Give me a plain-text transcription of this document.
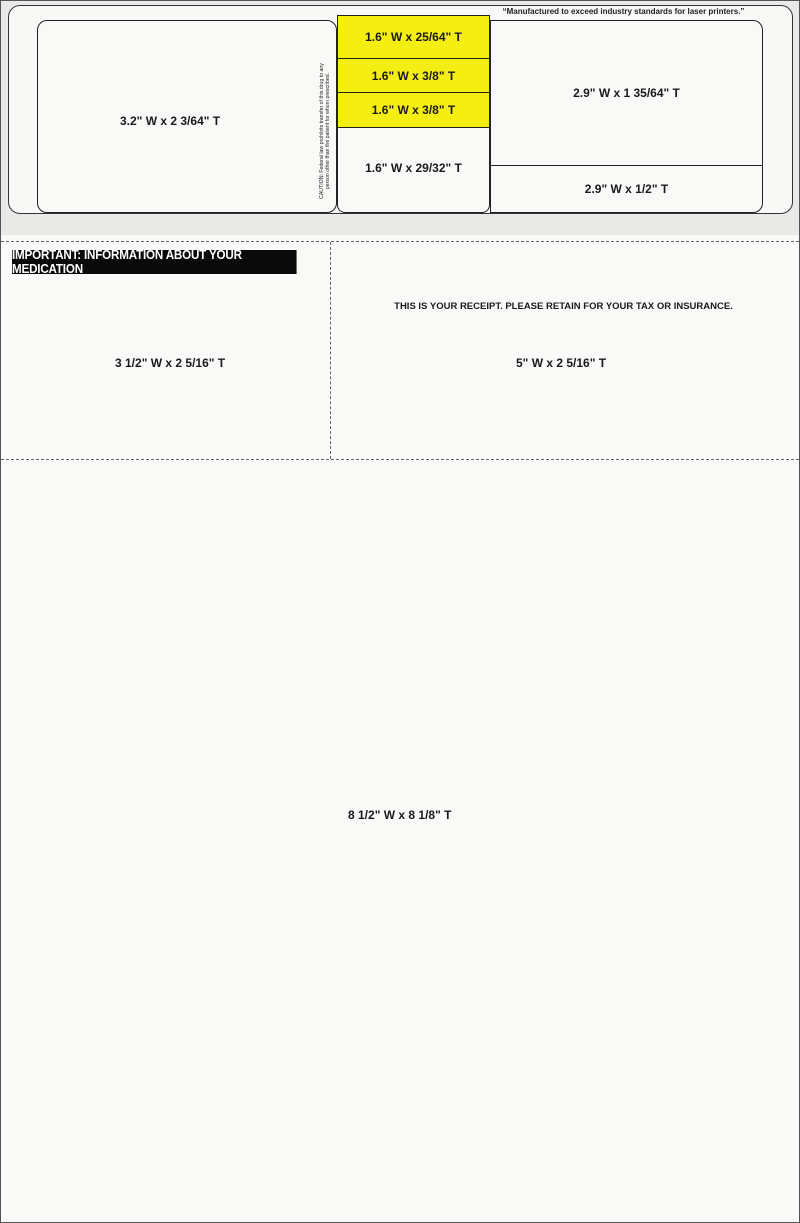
“Manufactured to exceed industry standards for laser printers.”
3.2" W x 2 3/64" T	CAUTION: Federal law prohibits transfer of this drug to any person other than the patient for whom prescribed.
1.6" W x 25/64" T
1.6" W x 3/8" T
1.6" W x 3/8" T
1.6" W x 29/32" T
2.9" W x 1 35/64" T
2.9" W x 1/2" T
IMPORTANT: INFORMATION ABOUT YOUR MEDICATION
3 1/2" W x 2 5/16" T
THIS IS YOUR RECEIPT. PLEASE RETAIN FOR YOUR TAX OR INSURANCE.
5" W x 2 5/16" T
8 1/2" W x 8 1/8" T
